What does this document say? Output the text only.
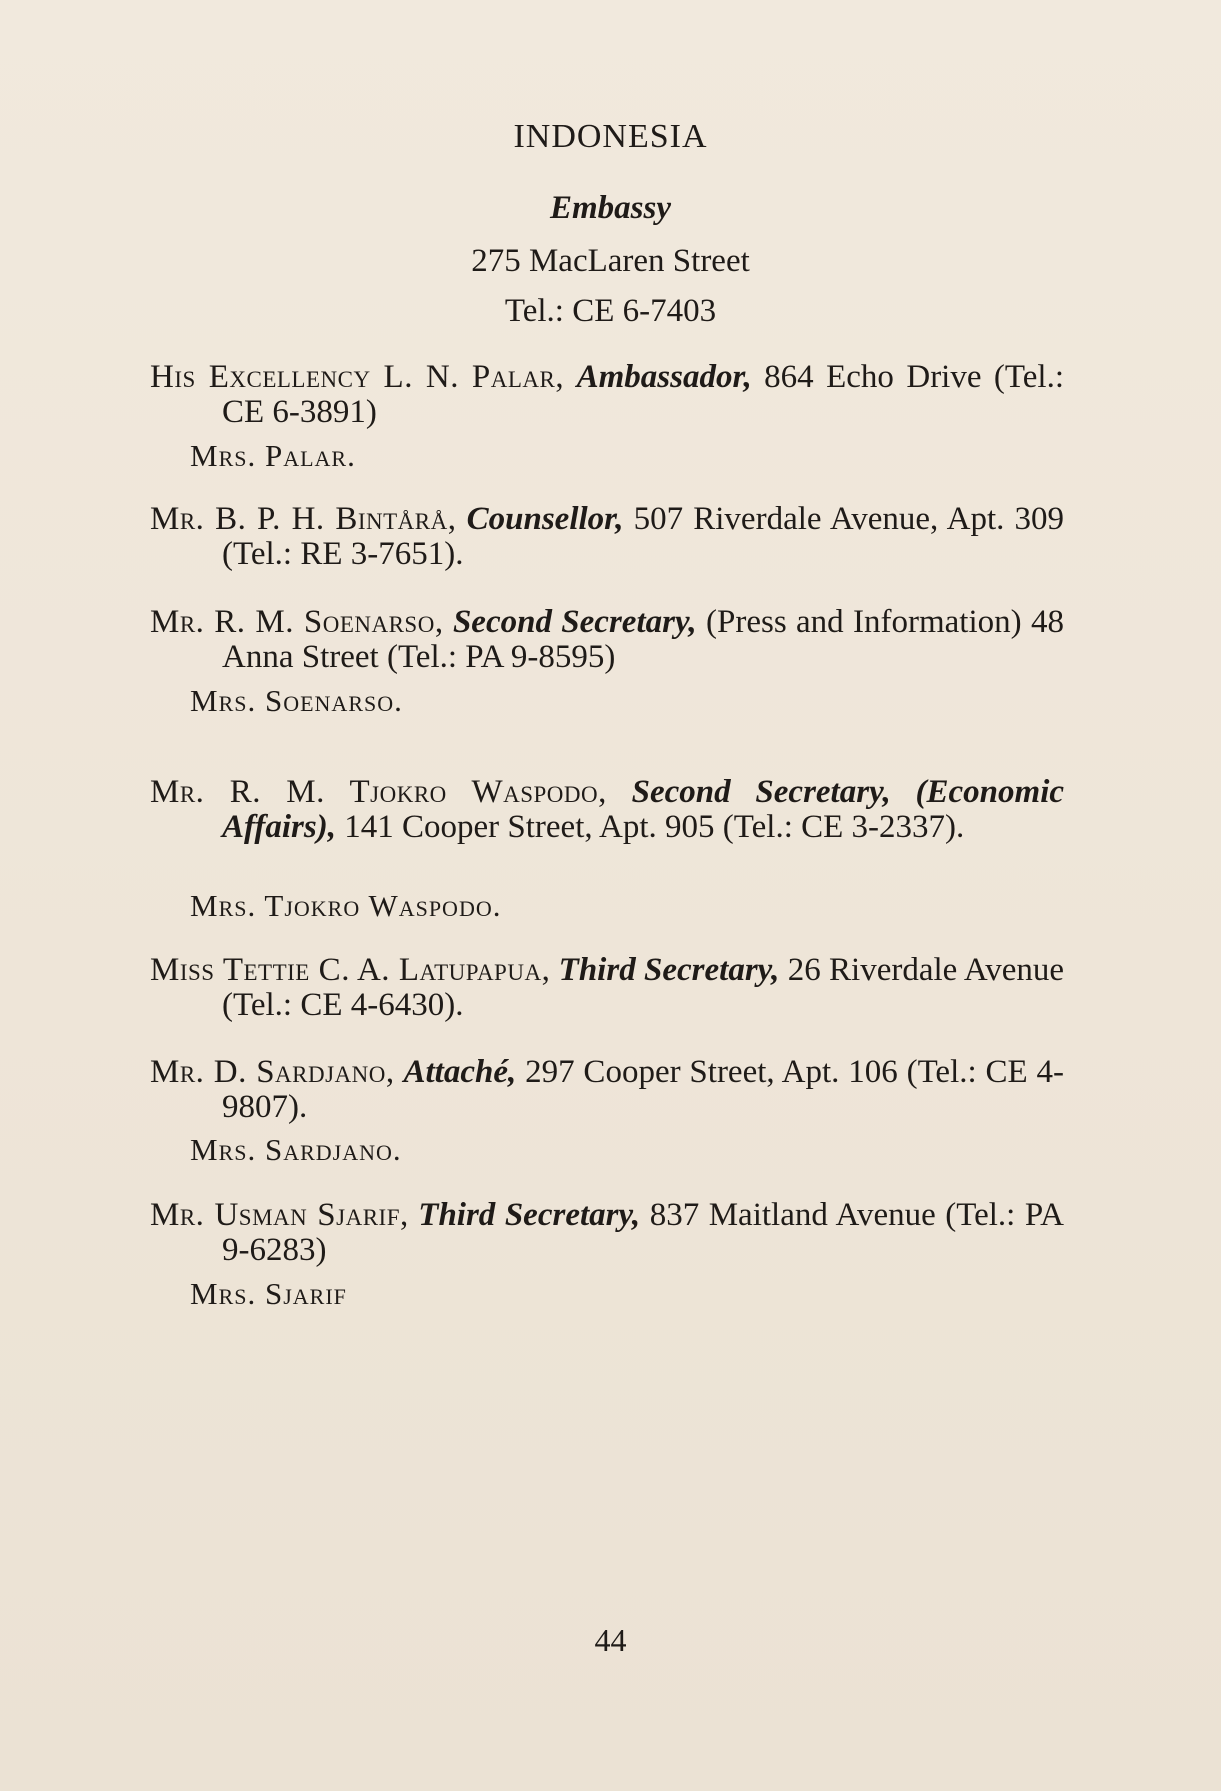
INDONESIA
Embassy
275 MacLaren Street
Tel.: CE 6-7403
His Excellency L. N. Palar, Ambassador, 864 Echo Drive (Tel.: CE 6-3891)
Mrs. Palar.
Mr. B. P. H. Bintårå, Counsellor, 507 Riverdale Avenue, Apt. 309 (Tel.: RE 3-7651).
Mr. R. M. Soenarso, Second Secretary, (Press and Information) 48 Anna Street (Tel.: PA 9-8595)
Mrs. Soenarso.
Mr. R. M. Tjokro Waspodo, Second Secretary, (Economic Affairs), 141 Cooper Street, Apt. 905 (Tel.: CE 3-2337).
Mrs. Tjokro Waspodo.
Miss Tettie C. A. Latupapua, Third Secretary, 26 Riverdale Avenue (Tel.: CE 4-6430).
Mr. D. Sardjano, Attaché, 297 Cooper Street, Apt. 106 (Tel.: CE 4-9807).
Mrs. Sardjano.
Mr. Usman Sjarif, Third Secretary, 837 Maitland Avenue (Tel.: PA 9-6283)
Mrs. Sjarif
44
